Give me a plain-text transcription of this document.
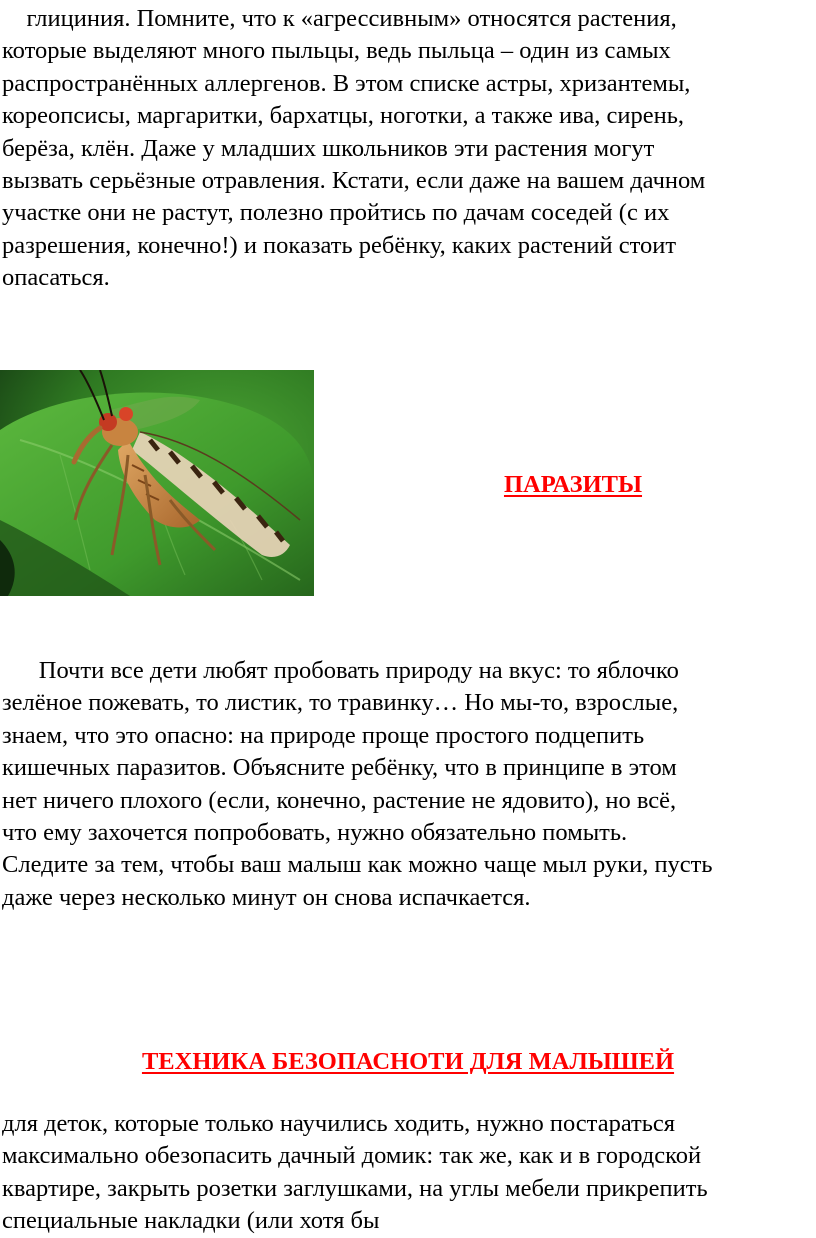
глициния. Помните, что к «агрессивным» относятся растения,
которые выделяют много пыльцы, ведь пыльца – один из самых
распространённых аллергенов. В этом списке астры, хризантемы,
кореопсисы, маргаритки, бархатцы, ноготки, а также ива, сирень,
берёза, клён. Даже у младших школьников эти растения могут
вызвать серьёзные отравления. Кстати, если даже на вашем дачном
участке они не растут, полезно пройтись по дачам соседей (с их
разрешения, конечно!) и показать ребёнку, каких растений стоит
опасаться.

ПАРАЗИТЫ

Почти все дети любят пробовать природу на вкус: то яблочко
зелёное пожевать, то листик, то травинку… Но мы-то, взрослые,
знаем, что это опасно: на природе проще простого подцепить
кишечных паразитов. Объясните ребёнку, что в принципе в этом
нет ничего плохого (если, конечно, растение не ядовито), но всё,
что ему захочется попробовать, нужно обязательно помыть.
Следите за тем, чтобы ваш малыш как можно чаще мыл руки, пусть
даже через несколько минут он снова испачкается.

ТЕХНИКА БЕЗОПАСНОТИ ДЛЯ МАЛЫШЕЙ

для деток, которые только научились ходить, нужно постараться
максимально обезопасить дачный домик: так же, как и в городской
квартире, закрыть розетки заглушками, на углы мебели прикрепить
специальные накладки (или хотя бы
